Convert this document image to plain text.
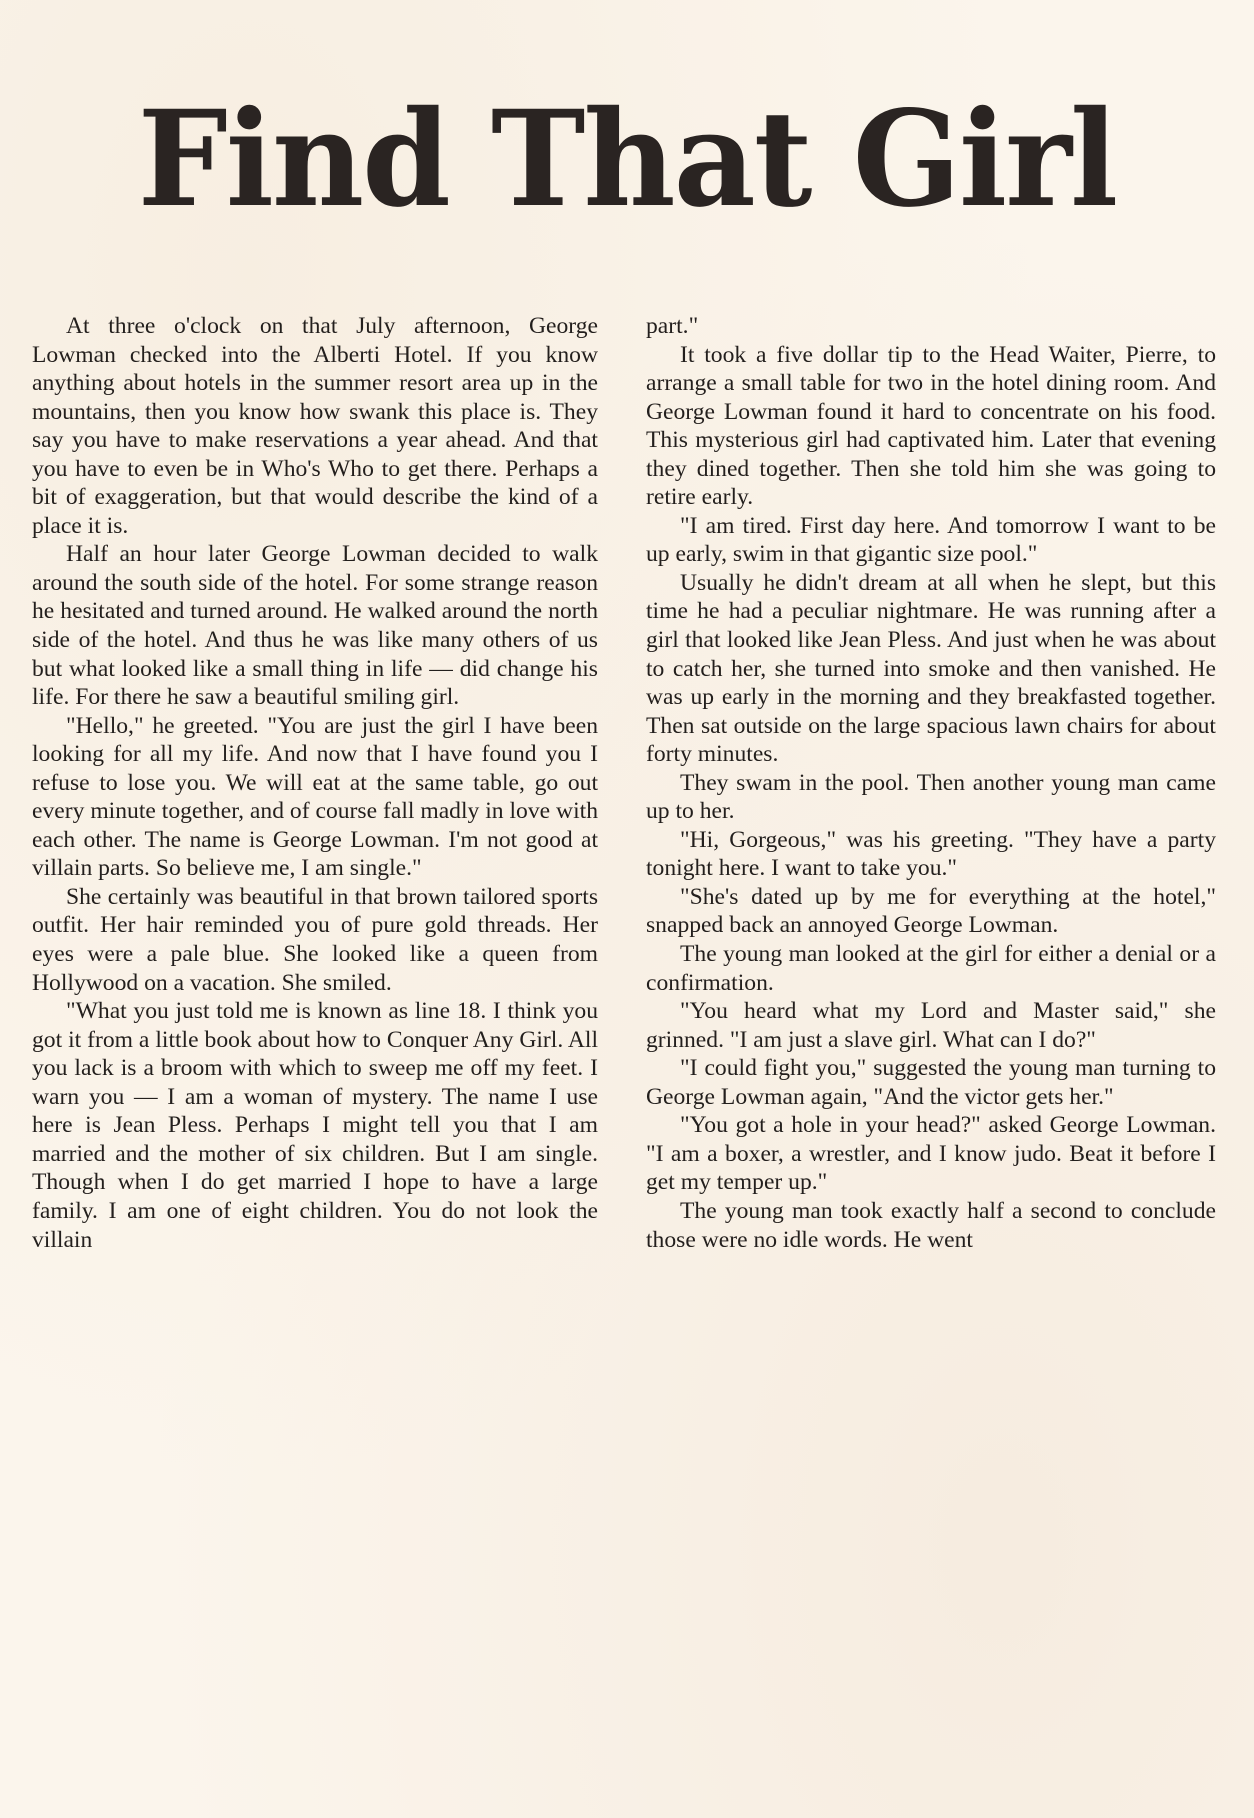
Find That Girl

At three o'clock on that July afternoon, George Lowman checked into the Alberti Hotel. If you know anything about hotels in the summer resort area up in the mountains, then you know how swank this place is. They say you have to make reservations a year ahead. And that you have to even be in Who's Who to get there. Perhaps a bit of exaggeration, but that would describe the kind of a place it is.

Half an hour later George Lowman decided to walk around the south side of the hotel. For some strange reason he hesitated and turned around. He walked around the north side of the hotel. And thus he was like many others of us but what looked like a small thing in life — did change his life. For there he saw a beautiful smiling girl.

"Hello," he greeted. "You are just the girl I have been looking for all my life. And now that I have found you I refuse to lose you. We will eat at the same table, go out every minute together, and of course fall madly in love with each other. The name is George Lowman. I'm not good at villain parts. So believe me, I am single."

She certainly was beautiful in that brown tailored sports outfit. Her hair reminded you of pure gold threads. Her eyes were a pale blue. She looked like a queen from Hollywood on a vacation. She smiled.

"What you just told me is known as line 18. I think you got it from a little book about how to Conquer Any Girl. All you lack is a broom with which to sweep me off my feet. I warn you — I am a woman of mystery. The name I use here is Jean Pless. Perhaps I might tell you that I am married and the mother of six children. But I am single. Though when I do get married I hope to have a large family. I am one of eight children. You do not look the villain

part."

It took a five dollar tip to the Head Waiter, Pierre, to arrange a small table for two in the hotel dining room. And George Lowman found it hard to concentrate on his food. This mysterious girl had captivated him. Later that evening they dined together. Then she told him she was going to retire early.

"I am tired. First day here. And tomorrow I want to be up early, swim in that gigantic size pool."

Usually he didn't dream at all when he slept, but this time he had a peculiar nightmare. He was running after a girl that looked like Jean Pless. And just when he was about to catch her, she turned into smoke and then vanished. He was up early in the morning and they breakfasted together. Then sat outside on the large spacious lawn chairs for about forty minutes.

They swam in the pool. Then another young man came up to her.

"Hi, Gorgeous," was his greeting. "They have a party tonight here. I want to take you."

"She's dated up by me for everything at the hotel," snapped back an annoyed George Lowman.

The young man looked at the girl for either a denial or a confirmation.

"You heard what my Lord and Master said," she grinned. "I am just a slave girl. What can I do?"

"I could fight you," suggested the young man turning to George Lowman again, "And the victor gets her."

"You got a hole in your head?" asked George Lowman. "I am a boxer, a wrestler, and I know judo. Beat it before I get my temper up."

The young man took exactly half a second to conclude those were no idle words. He went
